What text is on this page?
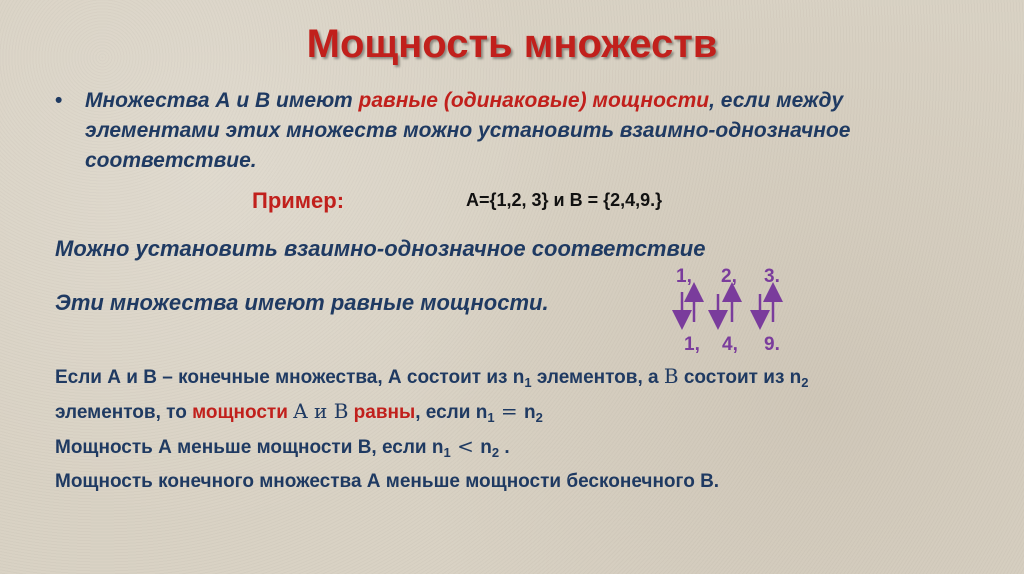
Мощность множеств
• Множества А и В имеют равные (одинаковые) мощности, если между элементами этих множеств можно установить взаимно-однозначное соответствие.
Пример:	А={1,2, 3} и В = {2,4,9.}
Можно установить взаимно-однозначное соответствие
Эти множества имеют равные мощности.
1, 2, 3.
1, 4, 9.

Если А и В – конечные множества, А состоит из $n_1$ элементов, а B состоит из $n_2$

элементов, то мощности A и B равны, если $n_1 = n_2$

Мощность А меньше мощности В, если $n_1 < n_2$ .

Мощность конечного множества А меньше мощности бесконечного В.
